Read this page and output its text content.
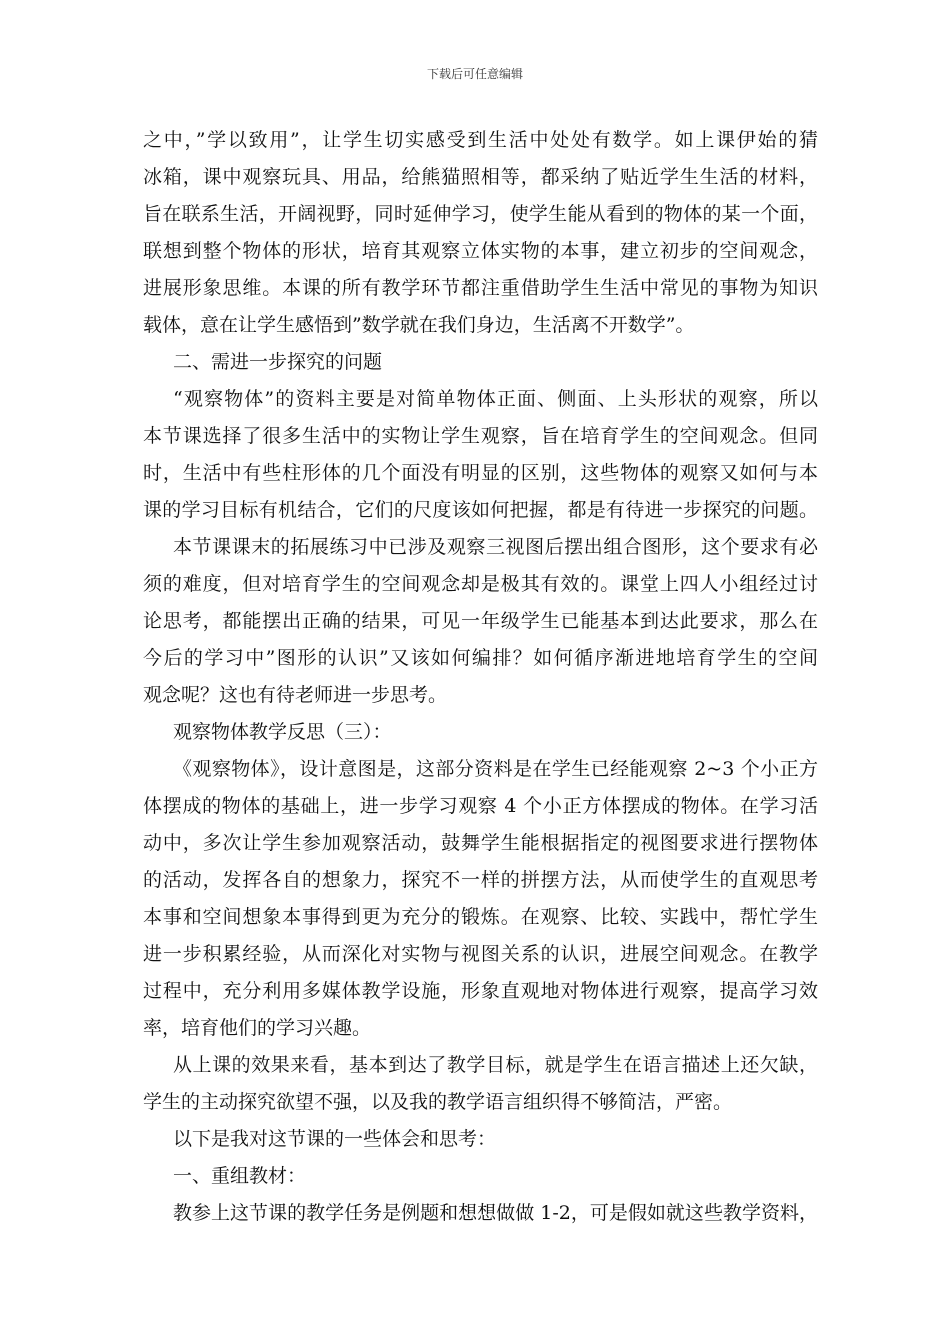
下载后可任意编辑
之中，”学以致用”，让学生切实感受到生活中处处有数学。如上课伊始的猜
冰箱，课中观察玩具、用品，给熊猫照相等，都采纳了贴近学生生活的材料，
旨在联系生活，开阔视野，同时延伸学习，使学生能从看到的物体的某一个面，
联想到整个物体的形状，培育其观察立体实物的本事，建立初步的空间观念，
进展形象思维。本课的所有教学环节都注重借助学生生活中常见的事物为知识
载体，意在让学生感悟到”数学就在我们身边，生活离不开数学”。
二、需进一步探究的问题
“观察物体”的资料主要是对简单物体正面、侧面、上头形状的观察，所以
本节课选择了很多生活中的实物让学生观察，旨在培育学生的空间观念。但同
时，生活中有些柱形体的几个面没有明显的区别，这些物体的观察又如何与本
课的学习目标有机结合，它们的尺度该如何把握，都是有待进一步探究的问题。
本节课课末的拓展练习中已涉及观察三视图后摆出组合图形，这个要求有必
须的难度，但对培育学生的空间观念却是极其有效的。课堂上四人小组经过讨
论思考，都能摆出正确的结果，可见一年级学生已能基本到达此要求，那么在
今后的学习中”图形的认识”又该如何编排？如何循序渐进地培育学生的空间
观念呢？这也有待老师进一步思考。
观察物体教学反思（三）：
《观察物体》，设计意图是，这部分资料是在学生已经能观察 2~3 个小正方
体摆成的物体的基础上，进一步学习观察 4 个小正方体摆成的物体。在学习活
动中，多次让学生参加观察活动，鼓舞学生能根据指定的视图要求进行摆物体
的活动，发挥各自的想象力，探究不一样的拼摆方法，从而使学生的直观思考
本事和空间想象本事得到更为充分的锻炼。在观察、比较、实践中，帮忙学生
进一步积累经验，从而深化对实物与视图关系的认识，进展空间观念。在教学
过程中，充分利用多媒体教学设施，形象直观地对物体进行观察，提高学习效
率，培育他们的学习兴趣。
从上课的效果来看，基本到达了教学目标，就是学生在语言描述上还欠缺，
学生的主动探究欲望不强，以及我的教学语言组织得不够简洁，严密。
以下是我对这节课的一些体会和思考：
一、重组教材：
教参上这节课的教学任务是例题和想想做做 1-2，可是假如就这些教学资料，
